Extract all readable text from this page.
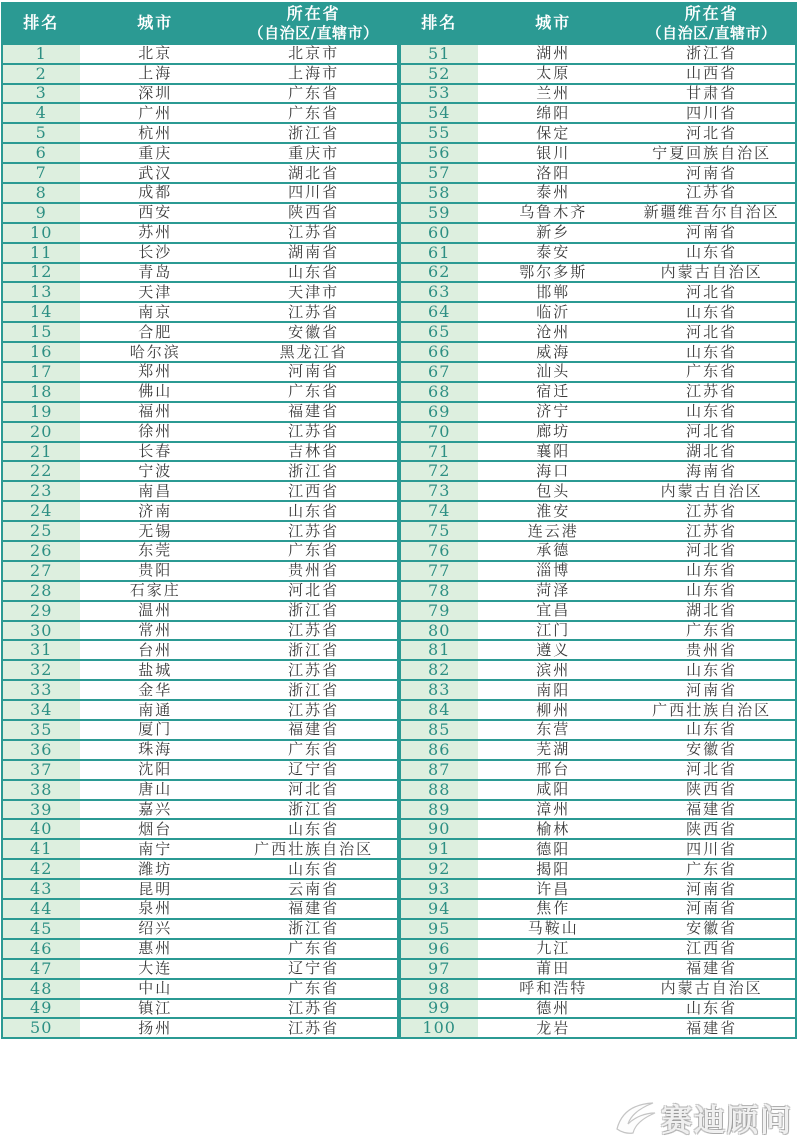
排名	城市	所在省
（自治区/直辖市）

1	北京	北京市
2	上海	上海市
3	深圳	广东省
4	广州	广东省
5	杭州	浙江省
6	重庆	重庆市
7	武汉	湖北省
8	成都	四川省
9	西安	陕西省
10	苏州	江苏省
11	长沙	湖南省
12	青岛	山东省
13	天津	天津市
14	南京	江苏省
15	合肥	安徽省
16	哈尔滨	黑龙江省
17	郑州	河南省
18	佛山	广东省
19	福州	福建省
20	徐州	江苏省
21	长春	吉林省
22	宁波	浙江省
23	南昌	江西省
24	济南	山东省
25	无锡	江苏省
26	东莞	广东省
27	贵阳	贵州省
28	石家庄	河北省
29	温州	浙江省
30	常州	江苏省
31	台州	浙江省
32	盐城	江苏省
33	金华	浙江省
34	南通	江苏省
35	厦门	福建省
36	珠海	广东省
37	沈阳	辽宁省
38	唐山	河北省
39	嘉兴	浙江省
40	烟台	山东省
41	南宁	广西壮族自治区
42	潍坊	山东省
43	昆明	云南省
44	泉州	福建省
45	绍兴	浙江省
46	惠州	广东省
47	大连	辽宁省
48	中山	广东省
49	镇江	江苏省
50	扬州	江苏省
排名	城市	所在省
（自治区/直辖市）

51	湖州	浙江省
52	太原	山西省
53	兰州	甘肃省
54	绵阳	四川省
55	保定	河北省
56	银川	宁夏回族自治区
57	洛阳	河南省
58	泰州	江苏省
59	乌鲁木齐	新疆维吾尔自治区
60	新乡	河南省
61	泰安	山东省
62	鄂尔多斯	内蒙古自治区
63	邯郸	河北省
64	临沂	山东省
65	沧州	河北省
66	威海	山东省
67	汕头	广东省
68	宿迁	江苏省
69	济宁	山东省
70	廊坊	河北省
71	襄阳	湖北省
72	海口	海南省
73	包头	内蒙古自治区
74	淮安	江苏省
75	连云港	江苏省
76	承德	河北省
77	淄博	山东省
78	菏泽	山东省
79	宜昌	湖北省
80	江门	广东省
81	遵义	贵州省
82	滨州	山东省
83	南阳	河南省
84	柳州	广西壮族自治区
85	东营	山东省
86	芜湖	安徽省
87	邢台	河北省
88	咸阳	陕西省
89	漳州	福建省
90	榆林	陕西省
91	德阳	四川省
92	揭阳	广东省
93	许昌	河南省
94	焦作	河南省
95	马鞍山	安徽省
96	九江	江西省
97	莆田	福建省
98	呼和浩特	内蒙古自治区
99	德州	山东省
100	龙岩	福建省
赛迪顾问
